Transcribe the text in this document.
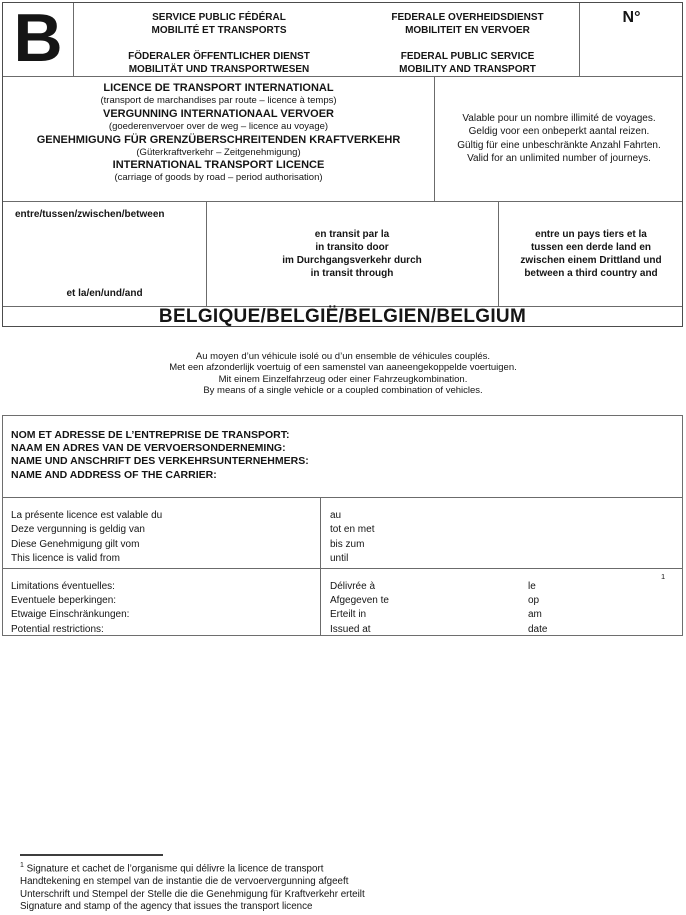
B	SERVICE PUBLIC FÉDÉRAL
MOBILITÉ ET TRANSPORTS
FÖDERALER ÖFFENTLICHER DIENST
MOBILITÄT UND TRANSPORTWESEN
FEDERALE OVERHEIDSDIENST
MOBILITEIT EN VERVOER
FEDERAL PUBLIC SERVICE
MOBILITY AND TRANSPORT
N°
LICENCE DE TRANSPORT INTERNATIONAL
(transport de marchandises par route – licence à temps)
VERGUNNING INTERNATIONAAL VERVOER
(goederenvervoer over de weg – licence au voyage)
GENEHMIGUNG FÜR GRENZÜBERSCHREITENDEN KRAFTVERKEHR
(Güterkraftverkehr – Zeitgenehmigung)
INTERNATIONAL TRANSPORT LICENCE
(carriage of goods by road – period authorisation)
Valable pour un nombre illimité de voyages.
Geldig voor een onbeperkt aantal reizen.
Gültig für eine unbeschränkte Anzahl Fahrten.
Valid for an unlimited number of journeys.
entre/tussen/zwischen/between
et la/en/und/and
en transit par la
in transito door
im Durchgangsverkehr durch
in transit through
entre un pays tiers et la
tussen een derde land en
zwischen einem Drittland und
between a third country and
BELGIQUE/BELGIË/BELGIEN/BELGIUM
Au moyen d’un véhicule isolé ou d’un ensemble de véhicules couplés.
Met een afzonderlijk voertuig of een samenstel van aaneengekoppelde voertuigen.
Mit einem Einzelfahrzeug oder einer Fahrzeugkombination.
By means of a single vehicle or a coupled combination of vehicles.
NOM ET ADRESSE DE L’ENTREPRISE DE TRANSPORT:
NAAM EN ADRES VAN DE VERVOERSONDERNEMING:
NAME UND ANSCHRIFT DES VERKEHRSUNTERNEHMERS:
NAME AND ADDRESS OF THE CARRIER:
La présente licence est valable du
Deze vergunning is geldig van
Diese Genehmigung gilt vom
This licence is valid from
au
tot en met
bis zum
until
Limitations éventuelles:
Eventuele beperkingen:
Etwaige Einschränkungen:
Potential restrictions:
Délivrée à
Afgegeven te
Erteilt in
Issued at
le
op
am
date
1
$^1$ Signature et cachet de l’organisme qui délivre la licence de transport
Handtekening en stempel van de instantie die de vervoervergunning afgeeft
Unterschrift und Stempel der Stelle die die Genehmigung für Kraftverkehr erteilt
Signature and stamp of the agency that issues the transport licence
